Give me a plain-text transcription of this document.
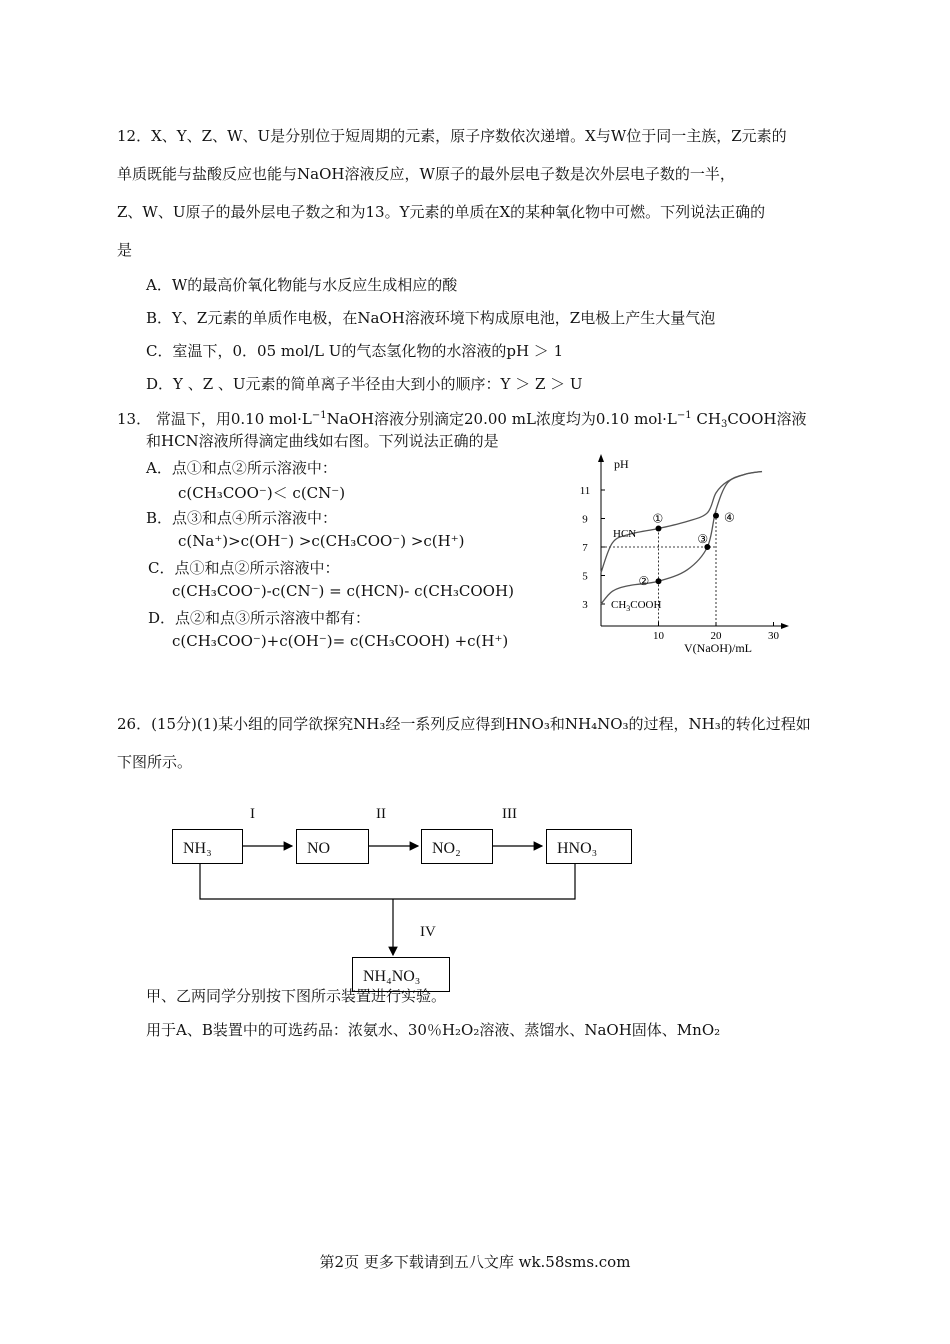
12．X、Y、Z、W、U是分别位于短周期的元素，原子序数依次递增。X与W位于同一主族，Z元素的
单质既能与盐酸反应也能与NaOH溶液反应，W原子的最外层电子数是次外层电子数的一半，
Z、W、U原子的最外层电子数之和为13。Y元素的单质在X的某种氧化物中可燃。下列说法正确的
是
A．W的最高价氧化物能与水反应生成相应的酸
B．Y、Z元素的单质作电极，在NaOH溶液环境下构成原电池，Z电极上产生大量气泡
C．室温下，0．05 mol/L U的气态氢化物的水溶液的pH ＞ 1
D．Y 、Z 、U元素的简单离子半径由大到小的顺序：Y ＞ Z ＞ U
13． 常温下，用0.10 $mol\cdot L^{-1}NaOH$溶液分别滴定20.00 mL浓度均为0.10 $mol\cdot L^{-1}$ $CH_3COOH$溶液
和HCN溶液所得滴定曲线如右图。下列说法正确的是
A．点①和点②所示溶液中：
c(CH₃COO⁻)＜ c(CN⁻)
B．点③和点④所示溶液中：
c(Na⁺)>c(OH⁻) >c(CH₃COO⁻) >c(H⁺)
C．点①和点②所示溶液中：
c(CH₃COO⁻)-c(CN⁻) = c(HCN)- c(CH₃COOH)
D．点②和点③所示溶液中都有：
c(CH₃COO⁻)+c(OH⁻)= c(CH₃COOH) +c(H⁺)
3
5
7
9
11
10	20	30
HCN
$CH_3COOH$
①
②
③
④
pH
V(NaOH)/mL
26．(15分)(1)某小组的同学欲探究NH₃经一系列反应得到HNO₃和NH₄NO₃的过程，NH₃的转化过程如
下图所示。
I	II	III
IV
NH₃	NO	NO₂	HNO₃
甲、乙两同学分别按下图所示装置进行实验。
NH₄NO₃
用于A、B装置中的可选药品：浓氨水、30％H₂O₂溶液、蒸馏水、NaOH固体、MnO₂
第2页 更多下载请到五八文库 wk.58sms.com
